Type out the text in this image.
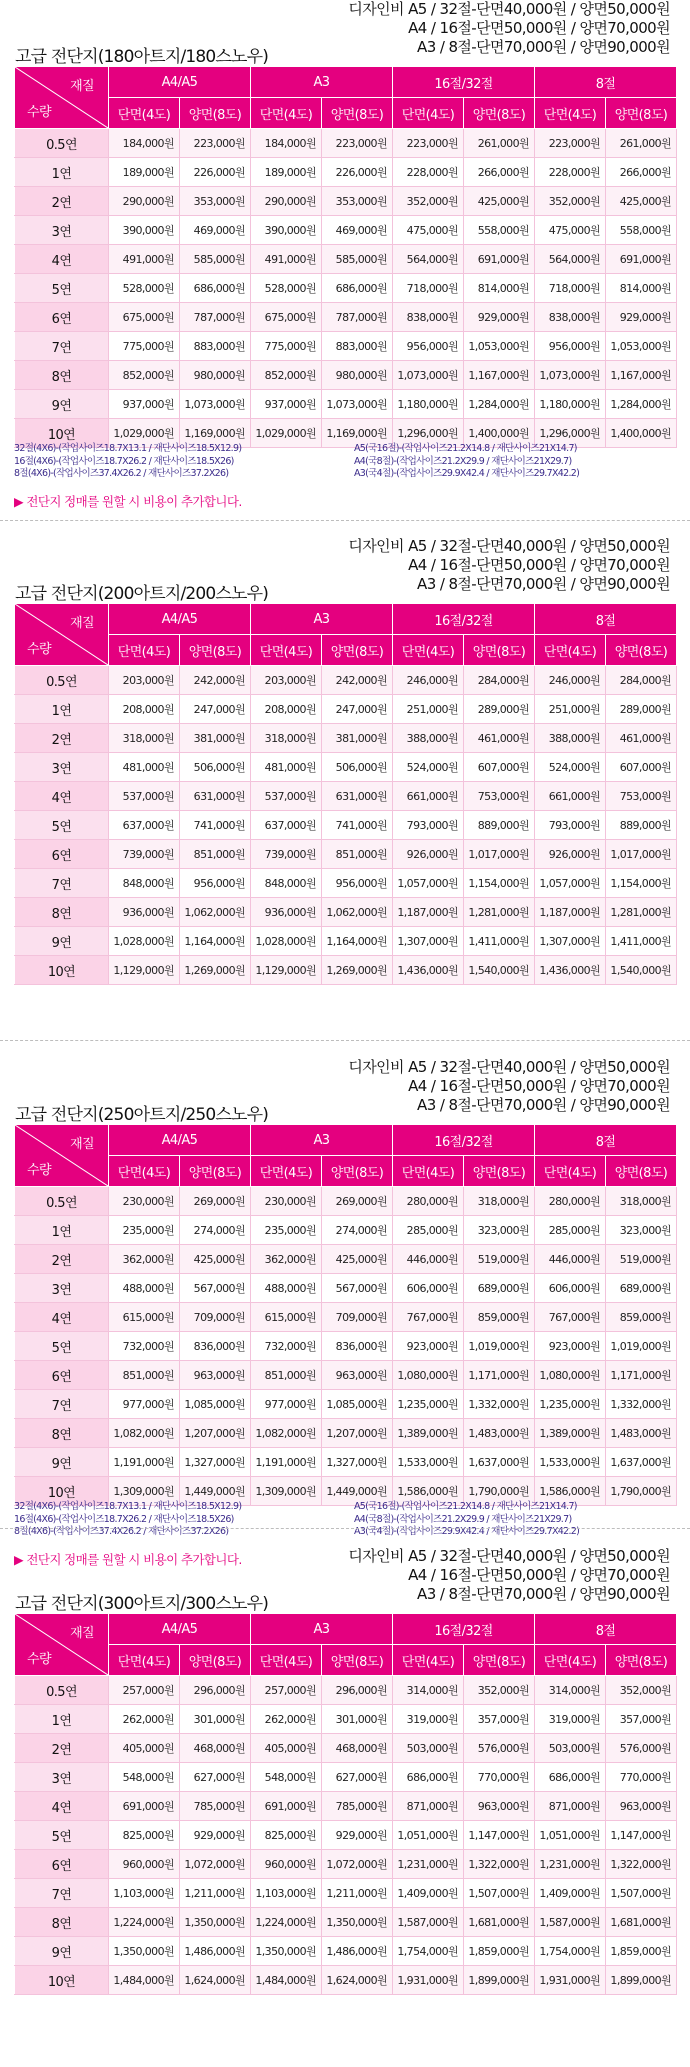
디자인비 A5 / 32절-단면40,000원 / 양면50,000원
A4 / 16절-단면50,000원 / 양면70,000원
A3 / 8절-단면70,000원 / 양면90,000원
고급 전단지(180아트지/180스노우)
재질
수량	A4/A5		A3		16절/32절		8절	
	단면(4도)	양면(8도)	단면(4도)	양면(8도)	단면(4도)	양면(8도)	단면(4도)	양면(8도)
0.5연	184,000원	223,000원	184,000원	223,000원	223,000원	261,000원	223,000원	261,000원
1연	189,000원	226,000원	189,000원	226,000원	228,000원	266,000원	228,000원	266,000원
2연	290,000원	353,000원	290,000원	353,000원	352,000원	425,000원	352,000원	425,000원
3연	390,000원	469,000원	390,000원	469,000원	475,000원	558,000원	475,000원	558,000원
4연	491,000원	585,000원	491,000원	585,000원	564,000원	691,000원	564,000원	691,000원
5연	528,000원	686,000원	528,000원	686,000원	718,000원	814,000원	718,000원	814,000원
6연	675,000원	787,000원	675,000원	787,000원	838,000원	929,000원	838,000원	929,000원
7연	775,000원	883,000원	775,000원	883,000원	956,000원	1,053,000원	956,000원	1,053,000원
8연	852,000원	980,000원	852,000원	980,000원	1,073,000원	1,167,000원	1,073,000원	1,167,000원
9연	937,000원	1,073,000원	937,000원	1,073,000원	1,180,000원	1,284,000원	1,180,000원	1,284,000원
10연	1,029,000원	1,169,000원	1,029,000원	1,169,000원	1,296,000원	1,400,000원	1,296,000원	1,400,000원
32절(4X6)-(작업사이즈18.7X13.1 / 재단사이즈18.5X12.9)
16절(4X6)-(작업사이즈18.7X26.2 / 재단사이즈18.5X26)
8절(4X6)-(작업사이즈37.4X26.2 / 재단사이즈37.2X26)
A5(국16절)-(작업사이즈21.2X14.8 / 재단사이즈21X14.7)
A4(국8절)-(작업사이즈21.2X29.9 / 재단사이즈21X29.7)
A3(국4절)-(작업사이즈29.9X42.4 / 재단사이즈29.7X42.2)
▶ 전단지 정매를 원할 시 비용이 추가합니다.
디자인비 A5 / 32절-단면40,000원 / 양면50,000원
A4 / 16절-단면50,000원 / 양면70,000원
A3 / 8절-단면70,000원 / 양면90,000원
고급 전단지(200아트지/200스노우)
재질
수량	A4/A5		A3		16절/32절		8절	
	단면(4도)	양면(8도)	단면(4도)	양면(8도)	단면(4도)	양면(8도)	단면(4도)	양면(8도)
0.5연	203,000원	242,000원	203,000원	242,000원	246,000원	284,000원	246,000원	284,000원
1연	208,000원	247,000원	208,000원	247,000원	251,000원	289,000원	251,000원	289,000원
2연	318,000원	381,000원	318,000원	381,000원	388,000원	461,000원	388,000원	461,000원
3연	481,000원	506,000원	481,000원	506,000원	524,000원	607,000원	524,000원	607,000원
4연	537,000원	631,000원	537,000원	631,000원	661,000원	753,000원	661,000원	753,000원
5연	637,000원	741,000원	637,000원	741,000원	793,000원	889,000원	793,000원	889,000원
6연	739,000원	851,000원	739,000원	851,000원	926,000원	1,017,000원	926,000원	1,017,000원
7연	848,000원	956,000원	848,000원	956,000원	1,057,000원	1,154,000원	1,057,000원	1,154,000원
8연	936,000원	1,062,000원	936,000원	1,062,000원	1,187,000원	1,281,000원	1,187,000원	1,281,000원
9연	1,028,000원	1,164,000원	1,028,000원	1,164,000원	1,307,000원	1,411,000원	1,307,000원	1,411,000원
10연	1,129,000원	1,269,000원	1,129,000원	1,269,000원	1,436,000원	1,540,000원	1,436,000원	1,540,000원
디자인비 A5 / 32절-단면40,000원 / 양면50,000원
A4 / 16절-단면50,000원 / 양면70,000원
A3 / 8절-단면70,000원 / 양면90,000원
고급 전단지(250아트지/250스노우)
재질
수량	A4/A5		A3		16절/32절		8절	
	단면(4도)	양면(8도)	단면(4도)	양면(8도)	단면(4도)	양면(8도)	단면(4도)	양면(8도)
0.5연	230,000원	269,000원	230,000원	269,000원	280,000원	318,000원	280,000원	318,000원
1연	235,000원	274,000원	235,000원	274,000원	285,000원	323,000원	285,000원	323,000원
2연	362,000원	425,000원	362,000원	425,000원	446,000원	519,000원	446,000원	519,000원
3연	488,000원	567,000원	488,000원	567,000원	606,000원	689,000원	606,000원	689,000원
4연	615,000원	709,000원	615,000원	709,000원	767,000원	859,000원	767,000원	859,000원
5연	732,000원	836,000원	732,000원	836,000원	923,000원	1,019,000원	923,000원	1,019,000원
6연	851,000원	963,000원	851,000원	963,000원	1,080,000원	1,171,000원	1,080,000원	1,171,000원
7연	977,000원	1,085,000원	977,000원	1,085,000원	1,235,000원	1,332,000원	1,235,000원	1,332,000원
8연	1,082,000원	1,207,000원	1,082,000원	1,207,000원	1,389,000원	1,483,000원	1,389,000원	1,483,000원
9연	1,191,000원	1,327,000원	1,191,000원	1,327,000원	1,533,000원	1,637,000원	1,533,000원	1,637,000원
10연	1,309,000원	1,449,000원	1,309,000원	1,449,000원	1,586,000원	1,790,000원	1,586,000원	1,790,000원
32절(4X6)-(작업사이즈18.7X13.1 / 재단사이즈18.5X12.9)
16절(4X6)-(작업사이즈18.7X26.2 / 재단사이즈18.5X26)
8절(4X6)-(작업사이즈37.4X26.2 / 재단사이즈37.2X26)
A5(국16절)-(작업사이즈21.2X14.8 / 재단사이즈21X14.7)
A4(국8절)-(작업사이즈21.2X29.9 / 재단사이즈21X29.7)
A3(국4절)-(작업사이즈29.9X42.4 / 재단사이즈29.7X42.2)
▶ 전단지 정매를 원할 시 비용이 추가합니다.	디자인비 A5 / 32절-단면40,000원 / 양면50,000원
A4 / 16절-단면50,000원 / 양면70,000원
A3 / 8절-단면70,000원 / 양면90,000원
고급 전단지(300아트지/300스노우)
재질
수량	A4/A5		A3		16절/32절		8절	
	단면(4도)	양면(8도)	단면(4도)	양면(8도)	단면(4도)	양면(8도)	단면(4도)	양면(8도)
0.5연	257,000원	296,000원	257,000원	296,000원	314,000원	352,000원	314,000원	352,000원
1연	262,000원	301,000원	262,000원	301,000원	319,000원	357,000원	319,000원	357,000원
2연	405,000원	468,000원	405,000원	468,000원	503,000원	576,000원	503,000원	576,000원
3연	548,000원	627,000원	548,000원	627,000원	686,000원	770,000원	686,000원	770,000원
4연	691,000원	785,000원	691,000원	785,000원	871,000원	963,000원	871,000원	963,000원
5연	825,000원	929,000원	825,000원	929,000원	1,051,000원	1,147,000원	1,051,000원	1,147,000원
6연	960,000원	1,072,000원	960,000원	1,072,000원	1,231,000원	1,322,000원	1,231,000원	1,322,000원
7연	1,103,000원	1,211,000원	1,103,000원	1,211,000원	1,409,000원	1,507,000원	1,409,000원	1,507,000원
8연	1,224,000원	1,350,000원	1,224,000원	1,350,000원	1,587,000원	1,681,000원	1,587,000원	1,681,000원
9연	1,350,000원	1,486,000원	1,350,000원	1,486,000원	1,754,000원	1,859,000원	1,754,000원	1,859,000원
10연	1,484,000원	1,624,000원	1,484,000원	1,624,000원	1,931,000원	1,899,000원	1,931,000원	1,899,000원
